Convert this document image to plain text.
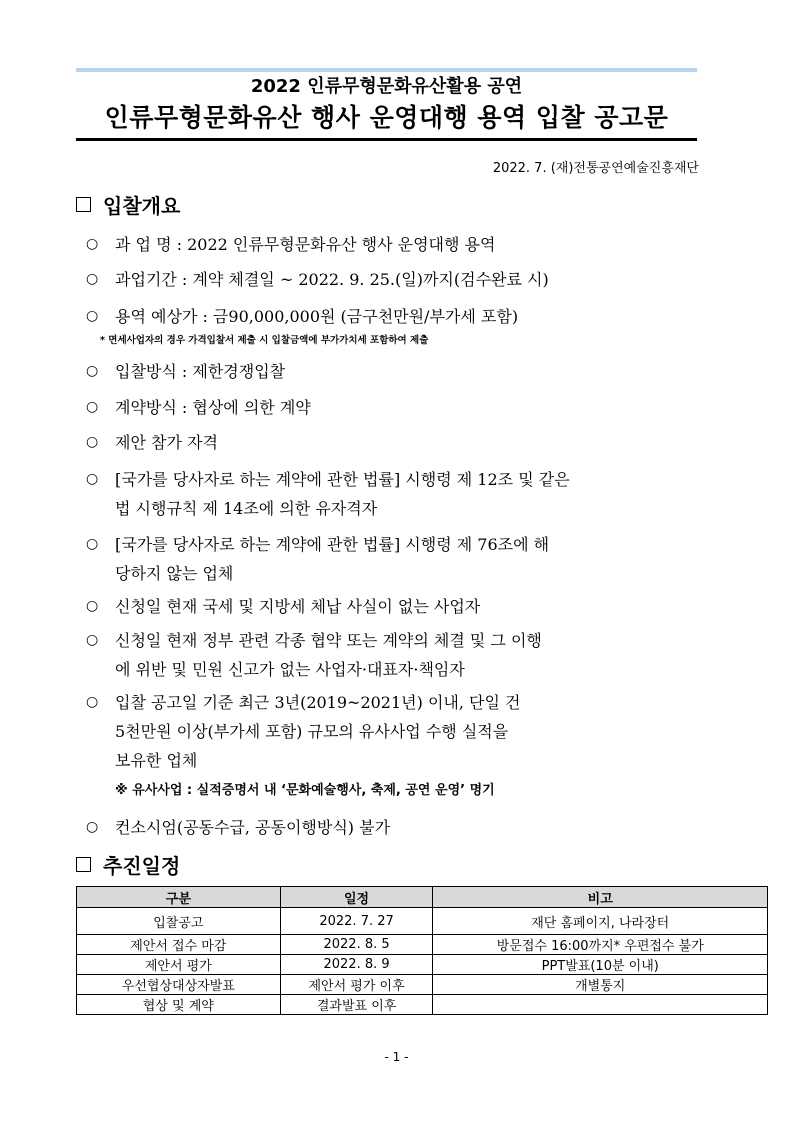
2022 인류무형문화유산활용 공연
인류무형문화유산 행사 운영대행 용역 입찰 공고문
2022. 7. (재)전통공연예술진흥재단
입찰개요
○ 과 업 명 : 2022 인류무형문화유산 행사 운영대행 용역
○ 과업기간 : 계약 체결일 ~ 2022. 9. 25.(일)까지(검수완료 시)
○ 용역 예상가 : 금90,000,000원 (금구천만원/부가세 포함)
* 면세사업자의 경우 가격입찰서 제출 시 입찰금액에 부가가치세 포함하여 제출
○ 입찰방식 : 제한경쟁입찰
○ 계약방식 : 협상에 의한 계약
○ 제안 참가 자격
○ [국가를 당사자로 하는 계약에 관한 법률] 시행령 제 12조 및 같은
법 시행규칙 제 14조에 의한 유자격자
○ [국가를 당사자로 하는 계약에 관한 법률] 시행령 제 76조에 해
당하지 않는 업체
○ 신청일 현재 국세 및 지방세 체납 사실이 없는 사업자
○ 신청일 현재 정부 관련 각종 협약 또는 계약의 체결 및 그 이행
에 위반 및 민원 신고가 없는 사업자·대표자·책임자
○ 입찰 공고일 기준 최근 3년(2019~2021년) 이내, 단일 건
5천만원 이상(부가세 포함) 규모의 유사사업 수행 실적을
보유한 업체
※ 유사사업 : 실적증명서 내 ‘문화예술행사, 축제, 공연 운영’ 명기
○ 컨소시엄(공동수급, 공동이행방식) 불가
추진일정
구분	일정	비고
입찰공고	2022. 7. 27	재단 홈페이지, 나라장터
제안서 접수 마감	2022. 8. 5	방문접수 16:00까지* 우편접수 불가
제안서 평가	2022. 8. 9	PPT발표(10분 이내)
우선협상대상자발표	제안서 평가 이후	개별통지
협상 및 계약	결과발표 이후	
- 1 -
